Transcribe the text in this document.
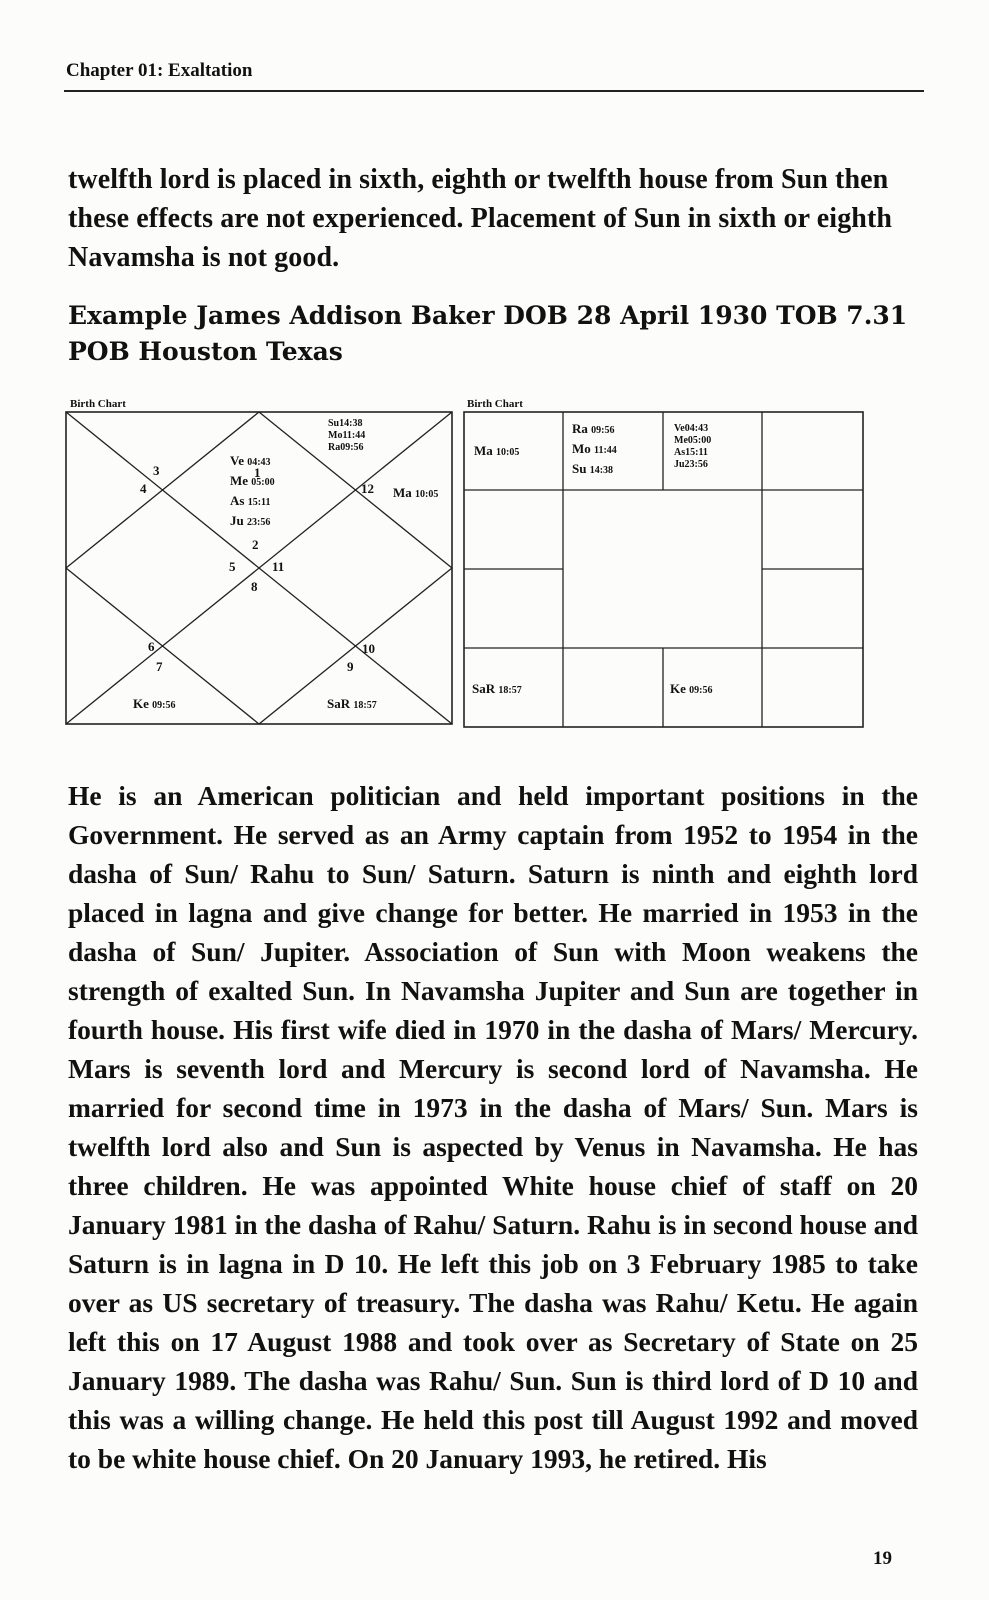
Chapter 01: Exaltation

twelfth lord is placed in sixth, eighth or twelfth house from Sun then these effects are not experienced. Placement of Sun in sixth or eighth Navamsha is not good.

Example James Addison Baker DOB 28 April 1930 TOB 7.31 POB Houston Texas
Birth Chart
1
2
3
4
5
6
7
8
9
10
11
12
Su14:38
Mo11:44
Ra09:56
Ve 04:43
Me 05:00
As 15:11
Ju 23:56
Ma 10:05
Ke 09:56	SaR 18:57
Birth Chart
Ma 10:05
Ra 09:56
Mo 11:44
Su 14:38
Ve04:43
Me05:00
As15:11
Ju23:56
SaR 18:57	Ke 09:56

He is an American politician and held important positions in the Government. He served as an Army captain from 1952 to 1954 in the dasha of Sun/ Rahu to Sun/ Saturn. Saturn is ninth and eighth lord placed in lagna and give change for better. He married in 1953 in the dasha of Sun/ Jupiter. Association of Sun with Moon weakens the strength of exalted Sun. In Navamsha Jupiter and Sun are together in fourth house. His first wife died in 1970 in the dasha of Mars/ Mercury. Mars is seventh lord and Mercury is second lord of Navamsha. He married for second time in 1973 in the dasha of Mars/ Sun. Mars is twelfth lord also and Sun is aspected by Venus in Navamsha. He has three children. He was appointed White house chief of staff on 20 January 1981 in the dasha of Rahu/ Saturn. Rahu is in second house and Saturn is in lagna in D 10. He left this job on 3 February 1985 to take over as US secretary of treasury. The dasha was Rahu/ Ketu. He again left this on 17 August 1988 and took over as Secretary of State on 25 January 1989. The dasha was Rahu/ Sun. Sun is third lord of D 10 and this was a willing change. He held this post till August 1992 and moved to be white house chief. On 20 January 1993, he retired. His

19
